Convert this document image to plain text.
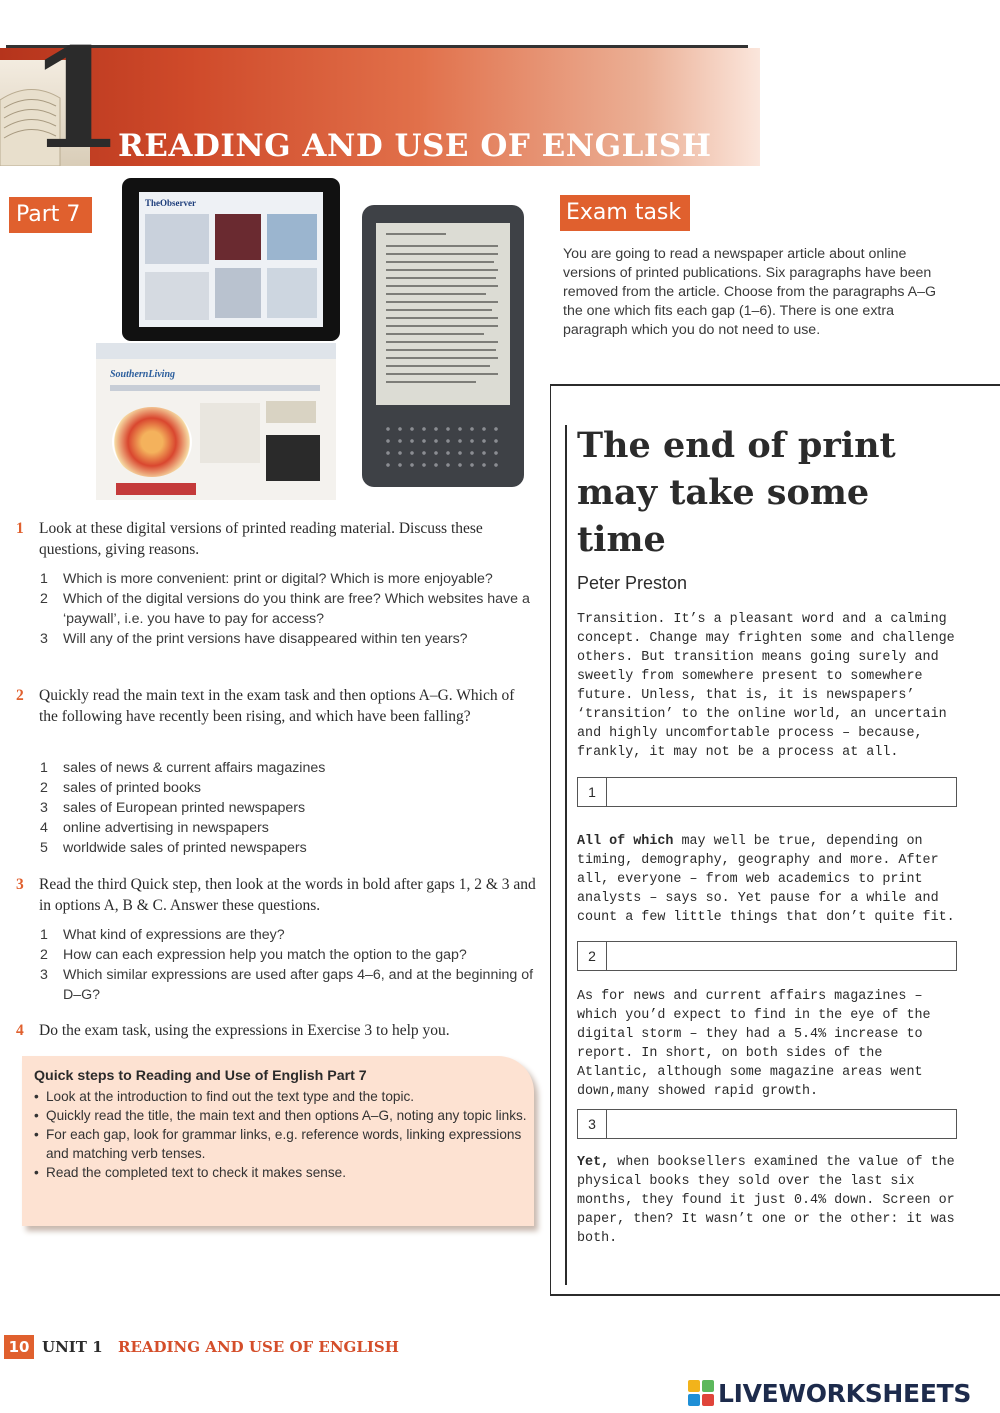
1
READING AND USE OF ENGLISH
Part 7	Exam task
TheObserver
SouthernLiving
1 Look at these digital versions of printed reading material. Discuss these questions, giving reasons.
1 Which is more convenient: print or digital? Which is more enjoyable?
2 Which of the digital versions do you think are free? Which websites have a ‘paywall’, i.e. you have to pay for access?
3 Will any of the print versions have disappeared within ten years?
2 Quickly read the main text in the exam task and then options A–G. Which of the following have recently been rising, and which have been falling?
1 sales of news & current affairs magazines
2 sales of printed books
3 sales of European printed newspapers
4 online advertising in newspapers
5 worldwide sales of printed newspapers
3 Read the third Quick step, then look at the words in bold after gaps 1, 2 & 3 and in options A, B & C. Answer these questions.
1 What kind of expressions are they?
2 How can each expression help you match the option to the gap?
3 Which similar expressions are used after gaps 4–6, and at the beginning of D–G?
4 Do the exam task, using the expressions in Exercise 3 to help you.
Quick steps to Reading and Use of English Part 7
• Look at the introduction to find out the text type and the topic.
• Quickly read the title, the main text and then options A–G, noting any topic links.
• For each gap, look for grammar links, e.g. reference words, linking expressions and matching verb tenses.
• Read the completed text to check it makes sense.
You are going to read a newspaper article about online versions of printed publications. Six paragraphs have been removed from the article. Choose from the paragraphs A–G the one which fits each gap (1–6). There is one extra paragraph which you do not need to use.
The end of print may take some time
Peter Preston
Transition. It’s a pleasant word and a calming concept. Change may frighten some and challenge others. But transition means going surely and sweetly from somewhere present to somewhere future. Unless, that is, it is newspapers’ ‘transition’ to the online world, an uncertain and highly uncomfortable process – because, frankly, it may not be a process at all.
1
All of which may well be true, depending on timing, demography, geography and more. After all, everyone – from web academics to print analysts – says so. Yet pause for a while and count a few little things that don’t quite fit.
2
As for news and current affairs magazines – which you’d expect to find in the eye of the digital storm – they had a 5.4% increase to report. In short, on both sides of the Atlantic, although some magazine areas went down,many showed rapid growth.
3
Yet, when booksellers examined the value of the physical books they sold over the last six months, they found it just 0.4% down. Screen or paper, then? It wasn’t one or the other: it was both.
10 UNIT 1 READING AND USE OF ENGLISH
LIVEWORKSHEETS
